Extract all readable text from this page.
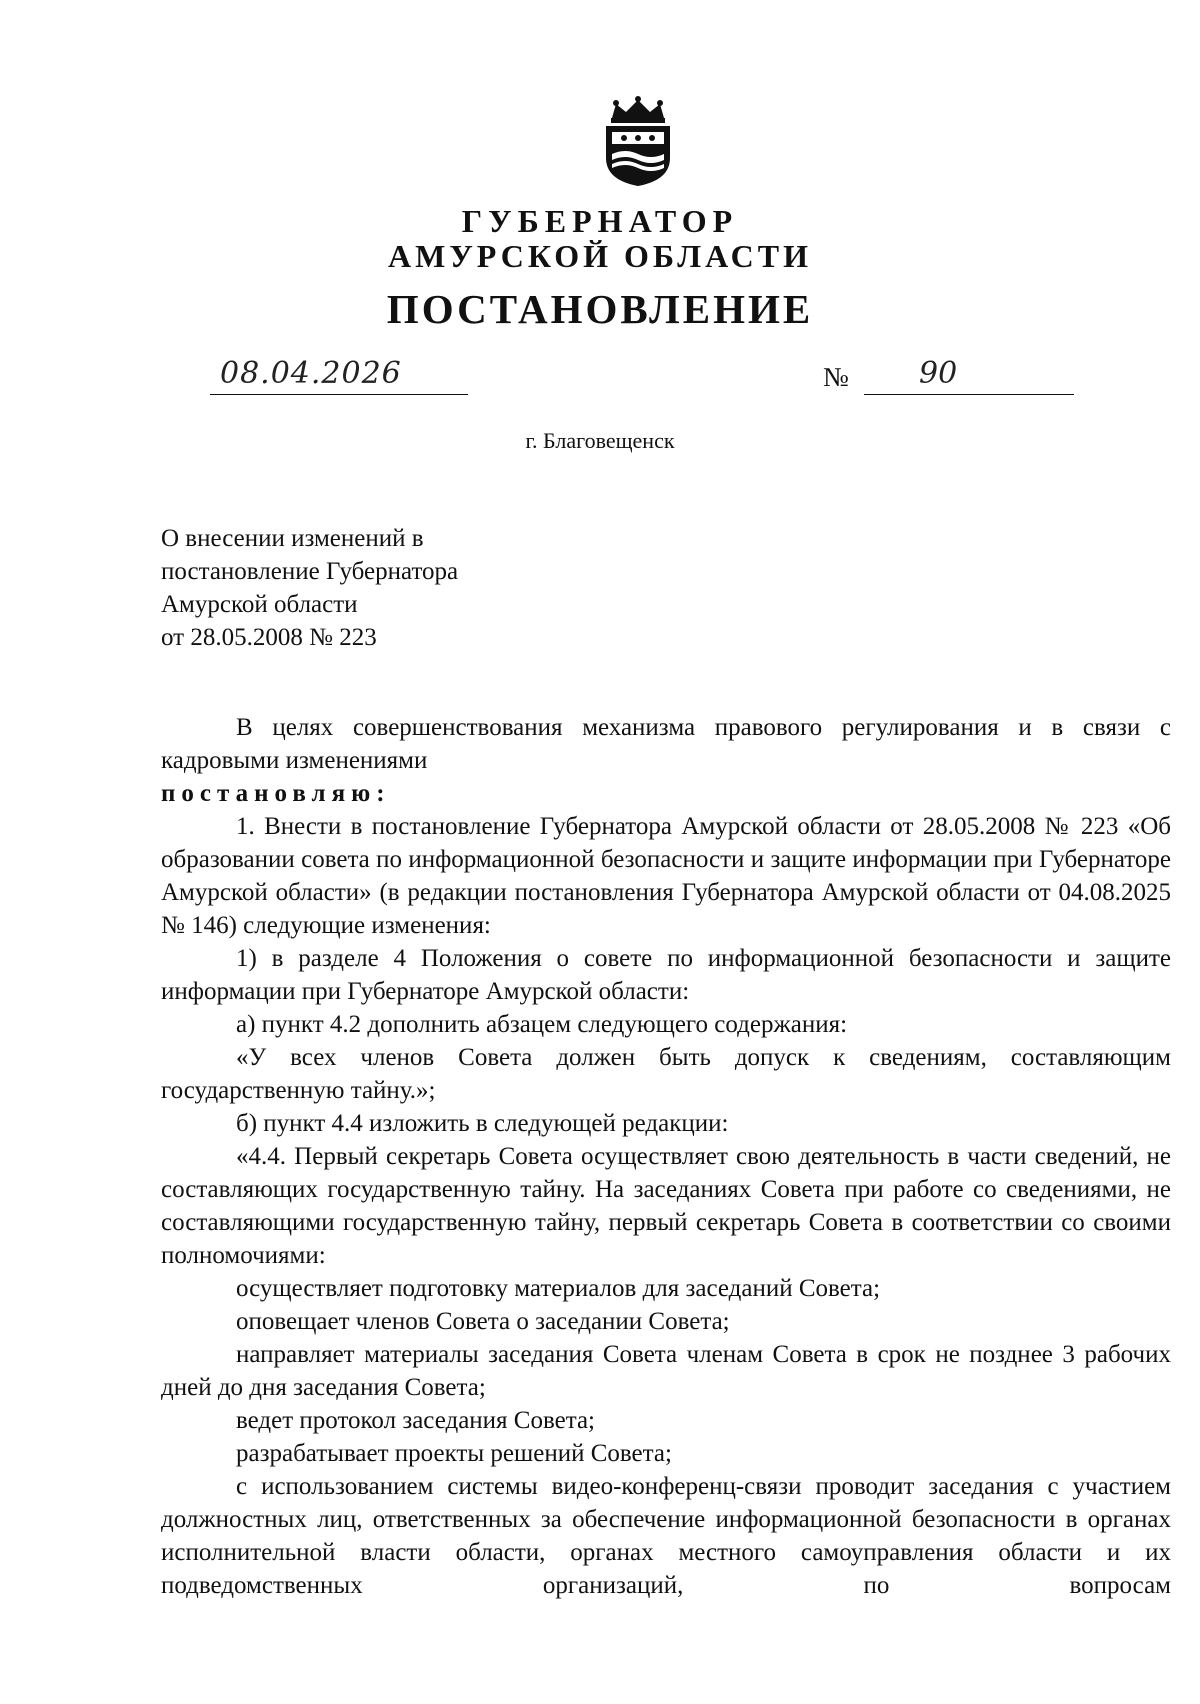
ГУБЕРНАТОР
АМУРСКОЙ ОБЛАСТИ
ПОСТАНОВЛЕНИЕ
08.04.2026	№ 90
г. Благовещенск
О внесении изменений в
постановление Губернатора
Амурской области
от 28.05.2008 № 223

В целях совершенствования механизма правового регулирования и в связи с кадровыми изменениями

постановляю:

1. Внести в постановление Губернатора Амурской области от 28.05.2008 № 223 «Об образовании совета по информационной безопасности и защите информации при Губернаторе Амурской области» (в редакции постановления Губернатора Амурской области от 04.08.2025 № 146) следующие изменения:

1) в разделе 4 Положения о совете по информационной безопасности и защите информации при Губернаторе Амурской области:

а) пункт 4.2 дополнить абзацем следующего содержания:

«У всех членов Совета должен быть допуск к сведениям, составляющим государственную тайну.»;

б) пункт 4.4 изложить в следующей редакции:

«4.4. Первый секретарь Совета осуществляет свою деятельность в части сведений, не составляющих государственную тайну. На заседаниях Совета при работе со сведениями, не составляющими государственную тайну, первый секретарь Совета в соответствии со своими полномочиями:

осуществляет подготовку материалов для заседаний Совета;

оповещает членов Совета о заседании Совета;

направляет материалы заседания Совета членам Совета в срок не позднее 3 рабочих дней до дня заседания Совета;

ведет протокол заседания Совета;

разрабатывает проекты решений Совета;

с использованием системы видео-конференц-связи проводит заседания с участием должностных лиц, ответственных за обеспечение информационной безопасности в органах исполнительной власти области, органах местного самоуправления области и их подведомственных организаций, по вопросам
